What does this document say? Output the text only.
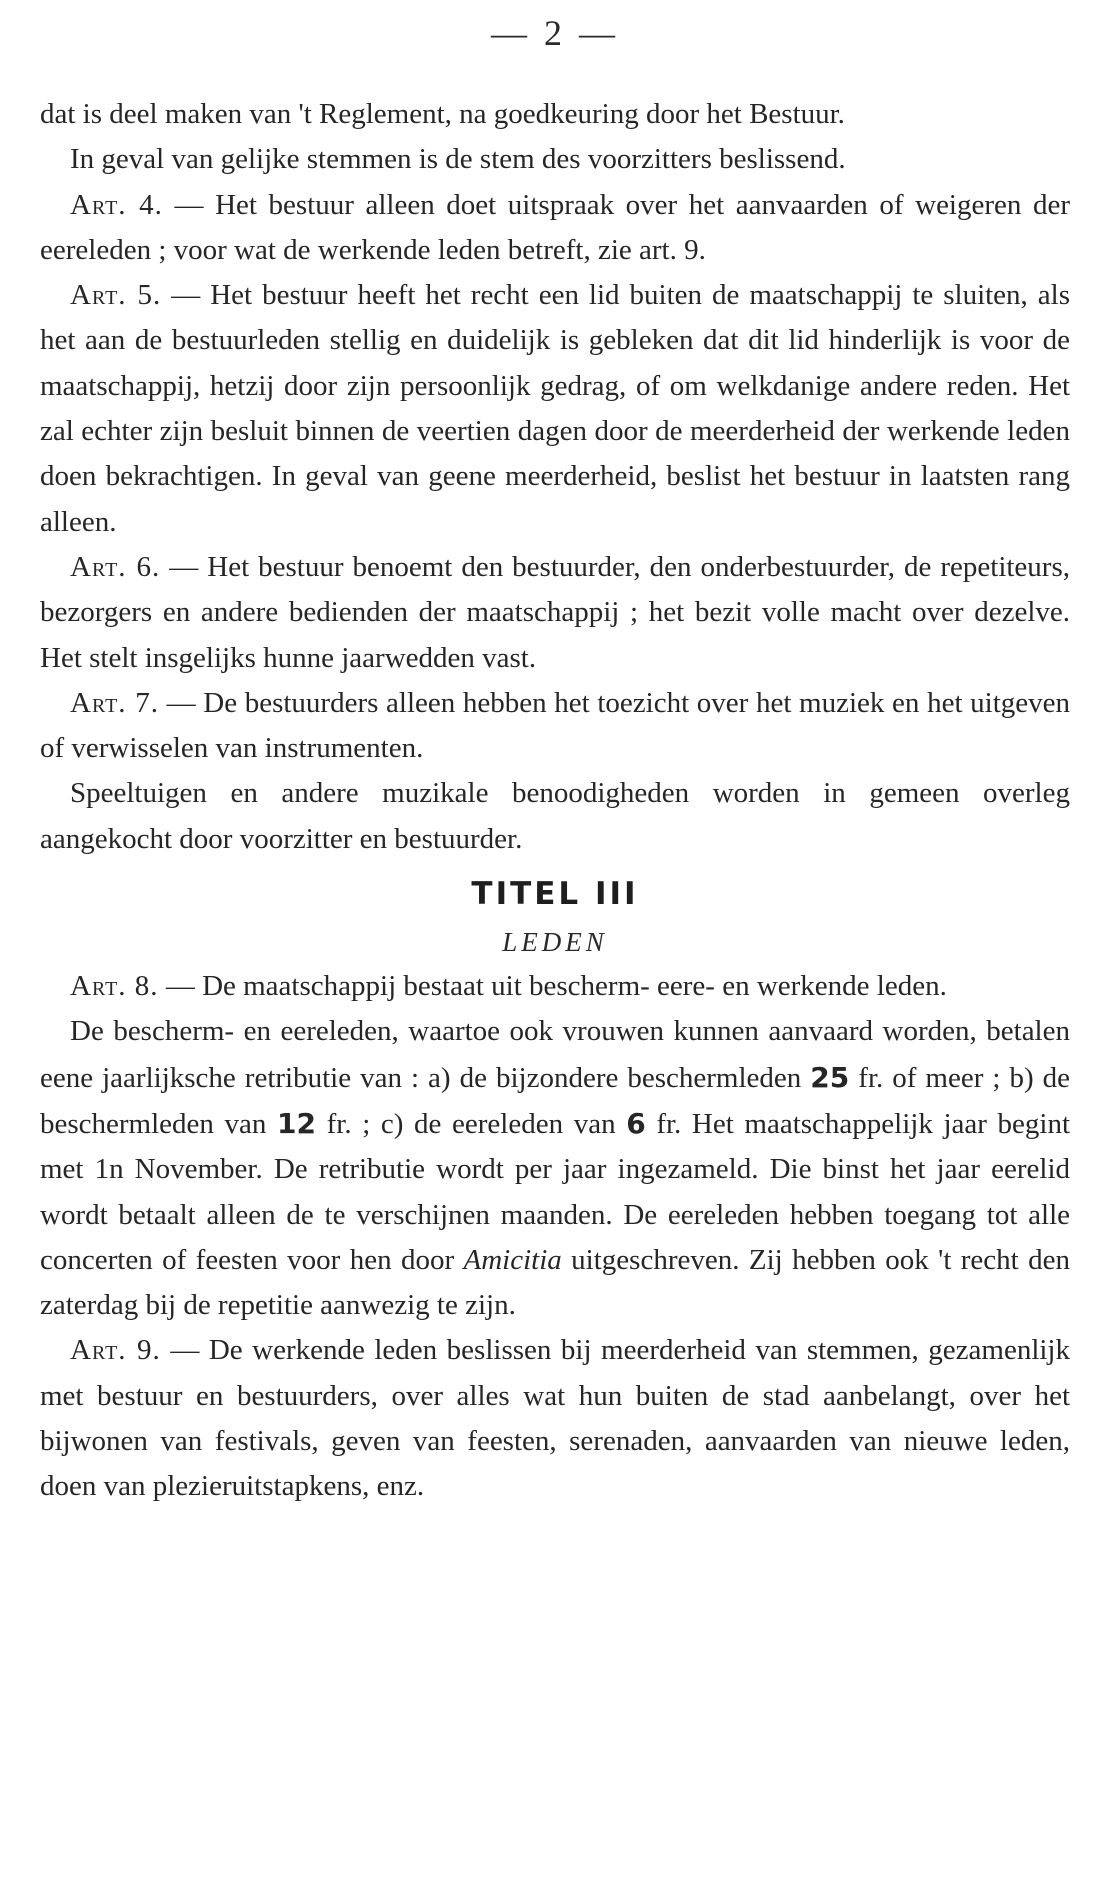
— 2 —

dat is deel maken van 't Reglement, na goedkeuring door het Bestuur.

In geval van gelijke stemmen is de stem des voorzitters beslissend.

Art. 4. — Het bestuur alleen doet uitspraak over het aanvaarden of weigeren der eereleden ; voor wat de werkende leden betreft, zie art. 9.

Art. 5. — Het bestuur heeft het recht een lid buiten de maatschappij te sluiten, als het aan de bestuurleden stellig en duidelijk is gebleken dat dit lid hinderlijk is voor de maatschappij, hetzij door zijn persoonlijk gedrag, of om welkdanige andere reden. Het zal echter zijn besluit binnen de veertien dagen door de meerderheid der werkende leden doen bekrachtigen. In geval van geene meerderheid, beslist het bestuur in laatsten rang alleen.

Art. 6. — Het bestuur benoemt den bestuurder, den onderbestuurder, de repetiteurs, bezorgers en andere bedienden der maatschappij ; het bezit volle macht over dezelve. Het stelt insgelijks hunne jaarwedden vast.

Art. 7. — De bestuurders alleen hebben het toezicht over het muziek en het uitgeven of verwisselen van instrumenten.

Speeltuigen en andere muzikale benoodigheden worden in gemeen overleg aangekocht door voorzitter en bestuurder.

TITEL III
LEDEN

Art. 8. — De maatschappij bestaat uit bescherm- eere- en werkende leden.

De bescherm- en eereleden, waartoe ook vrouwen kunnen aanvaard worden, betalen eene jaarlijksche retributie van : a) de bijzondere beschermleden 25 fr. of meer ; b) de beschermleden van 12 fr. ; c) de eereleden van 6 fr. Het maatschappelijk jaar begint met 1n November. De retributie wordt per jaar ingezameld. Die binst het jaar eerelid wordt betaalt alleen de te verschijnen maanden. De eereleden hebben toegang tot alle concerten of feesten voor hen door Amicitia uitgeschreven. Zij hebben ook 't recht den zaterdag bij de repetitie aanwezig te zijn.

Art. 9. — De werkende leden beslissen bij meerderheid van stemmen, gezamenlijk met bestuur en bestuurders, over alles wat hun buiten de stad aanbelangt, over het bijwonen van festivals, geven van feesten, serenaden, aanvaarden van nieuwe leden, doen van plezieruitstapkens, enz.
